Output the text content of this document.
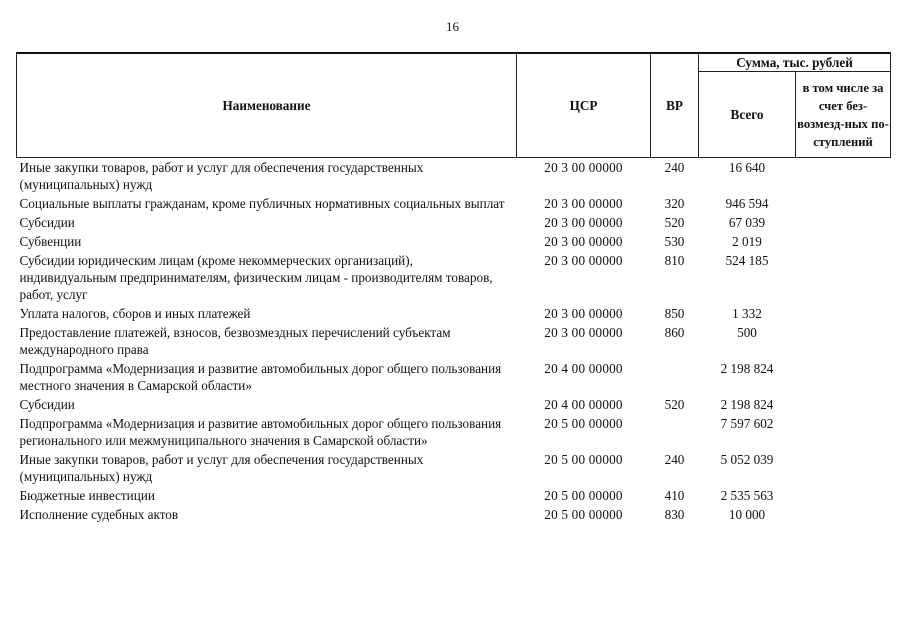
16
Наименование	ЦСР	ВР	Сумма, тыс. рублей	
			Всего	в том числе за счет без-возмезд-ных по-ступлений
Иные закупки товаров, работ и услуг для обеспечения государственных (муниципальных) нужд	20 3 00 00000	240	16 640	
Социальные выплаты гражданам, кроме публичных нормативных социальных выплат	20 3 00 00000	320	946 594	
Субсидии	20 3 00 00000	520	67 039	
Субвенции	20 3 00 00000	530	2 019	
Субсидии юридическим лицам (кроме некоммерческих организаций), индивидуальным предпринимателям, физическим лицам - производителям товаров, работ, услуг	20 3 00 00000	810	524 185	
Уплата налогов, сборов и иных платежей	20 3 00 00000	850	1 332	
Предоставление платежей, взносов, безвозмездных перечислений субъектам международного права	20 3 00 00000	860	500	
Подпрограмма «Модернизация и развитие автомобильных дорог общего пользования местного значения в Самарской области»	20 4 00 00000		2 198 824	
Субсидии	20 4 00 00000	520	2 198 824	
Подпрограмма «Модернизация и развитие автомобильных дорог общего пользования регионального или межмуниципального значения в Самарской области»	20 5 00 00000		7 597 602	
Иные закупки товаров, работ и услуг для обеспечения государственных (муниципальных) нужд	20 5 00 00000	240	5 052 039	
Бюджетные инвестиции	20 5 00 00000	410	2 535 563	
Исполнение судебных актов	20 5 00 00000	830	10 000	
